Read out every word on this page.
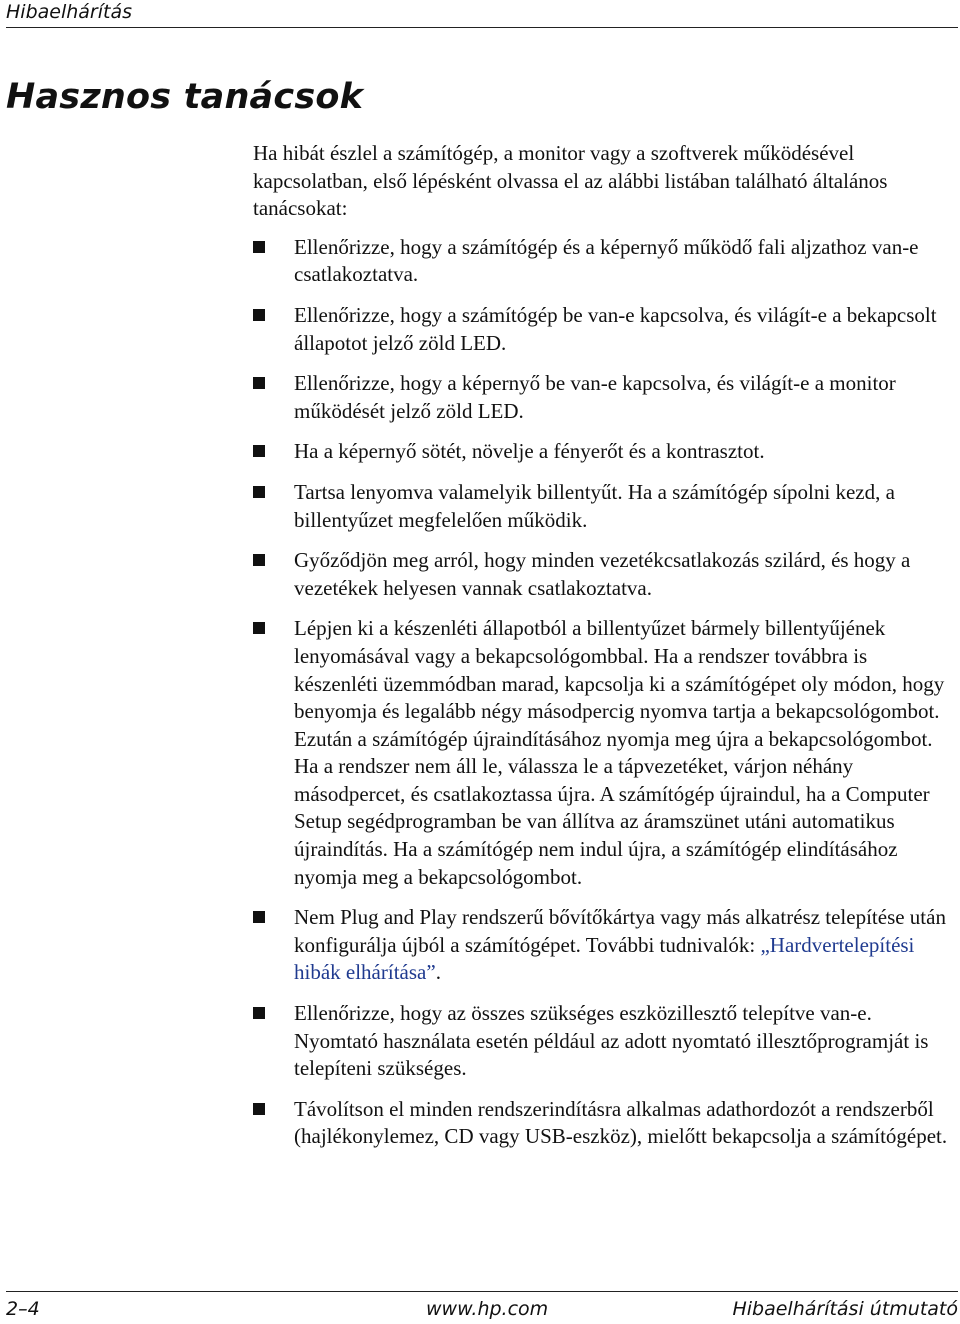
Hibaelhárítás
Hasznos tanácsok

Ha hibát észlel a számítógép, a monitor vagy a szoftverek működésével kapcsolatban, első lépésként olvassa el az alábbi listában található általános tanácsokat:

Ellenőrizze, hogy a számítógép és a képernyő működő fali aljzathoz van-e csatlakoztatva.
Ellenőrizze, hogy a számítógép be van-e kapcsolva, és világít-e a bekapcsolt állapotot jelző zöld LED.
Ellenőrizze, hogy a képernyő be van-e kapcsolva, és világít-e a monitor működését jelző zöld LED.
Ha a képernyő sötét, növelje a fényerőt és a kontrasztot.
Tartsa lenyomva valamelyik billentyűt. Ha a számítógép sípolni kezd, a billentyűzet megfelelően működik.
Győződjön meg arról, hogy minden vezetékcsatlakozás szilárd, és hogy a vezetékek helyesen vannak csatlakoztatva.
Lépjen ki a készenléti állapotból a billentyűzet bármely billentyűjének lenyomásával vagy a bekapcsológombbal. Ha a rendszer továbbra is készenléti üzemmódban marad, kapcsolja ki a számítógépet oly módon, hogy benyomja és legalább négy másodpercig nyomva tartja a bekapcsológombot. Ezután a számítógép újraindításához nyomja meg újra a bekapcsológombot. Ha a rendszer nem áll le, válassza le a tápvezetéket, várjon néhány másodpercet, és csatlakoztassa újra. A számítógép újraindul, ha a Computer Setup segédprogramban be van állítva az áramszünet utáni automatikus újraindítás. Ha a számítógép nem indul újra, a számítógép elindításához nyomja meg a bekapcsológombot.
Nem Plug and Play rendszerű bővítőkártya vagy más alkatrész telepítése után konfigurálja újból a számítógépet. További tudnivalók: „Hardvertelepítési hibák elhárítása”.
Ellenőrizze, hogy az összes szükséges eszközillesztő telepítve van-e. Nyomtató használata esetén például az adott nyomtató illesztőprogramját is telepíteni szükséges.
Távolítson el minden rendszerindításra alkalmas adathordozót a rendszerből (hajlékonylemez, CD vagy USB-eszköz), mielőtt bekapcsolja a számítógépet.
2–4	www.hp.com	Hibaelhárítási útmutató
